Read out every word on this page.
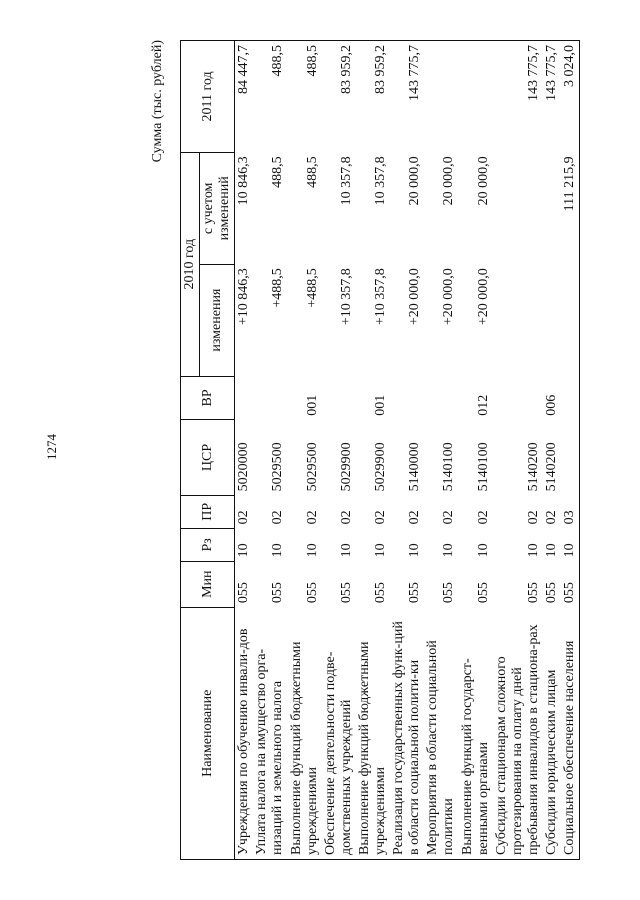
1274
Сумма (тыс. рублей)
Наименование	Мин	Рз	ПР	ЦСР	ВР	2010 год		2011 год
						изменения	с учетом изменений	
Учреждения по обучению инвали-дов	055	10	02	5020000		+10 846,3	10 846,3	84 447,7
Уплата налога на имущество орга-низаций и земельного налога	055	10	02	5029500		+488,5	488,5	488,5
Выполнение функций бюджетными учреждениями	055	10	02	5029500	001	+488,5	488,5	488,5
Обеспечение деятельности подве-домственных учреждений	055	10	02	5029900		+10 357,8	10 357,8	83 959,2
Выполнение функций бюджетными учреждениями	055	10	02	5029900	001	+10 357,8	10 357,8	83 959,2
Реализация государственных функ-ций в области социальной полити-ки	055	10	02	5140000		+20 000,0	20 000,0	143 775,7
Мероприятия в области социальной политики	055	10	02	5140100		+20 000,0	20 000,0	
Выполнение функций государст-венными органами	055	10	02	5140100	012	+20 000,0	20 000,0	
Субсидии стационарам сложного протезирования на оплату дней пребывания инвалидов в стациона-рах	055	10	02	5140200				143 775,7
Субсидии юридическим лицам	055	10	02	5140200	006			143 775,7
Социальное обеспечение населения	055	10	03				111 215,9	3 024,0
